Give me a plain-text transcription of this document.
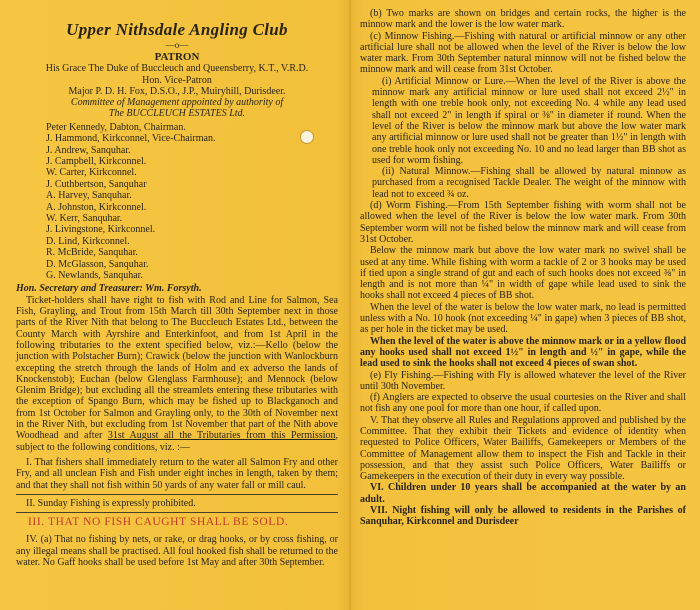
Upper Nithsdale Angling Club
—o—
PATRON
His Grace The Duke of Buccleuch and Queensberry, K.T., V.R.D.
Hon. Vice-Patron
Major P. D. H. Fox, D.S.O., J.P., Muiryhill, Durisdeer.
Committee of Management appointed by authority of
The BUCCLEUCH ESTATES Ltd.
Peter Kennedy, Dabton, Chairman.
J. Hammond, Kirkconnel, Vice-Chairman.
J. Andrew, Sanquhar.
J. Campbell, Kirkconnel.
W. Carter, Kirkconnel.
J. Cuthbertson, Sanquhar
A. Harvey, Sanquhar.
A. Johnston, Kirkconnel.
W. Kerr, Sanquhar.
J. Livingstone, Kirkconnel.
D. Lind, Kirkconnel.
R. McBride, Sanquhar.
D. McGlasson, Sanquhar.
G. Newlands, Sanquhar.
Hon. Secretary and Treasurer: Wm. Forsyth.

Ticket-holders shall have right to fish with Rod and Line for Salmon, Sea Fish, Grayling, and Trout from 15th March till 30th September next in those parts of the River Nith that belong to The Buccleuch Estates Ltd., between the County March with Ayrshire and Enterkinfoot, and from 1st April in the following tributaries to the extent specified below, viz.:—Kello (below the junction with Polstacher Burn); Crawick (below the junction with Wanlockburn excepting the stretch through the lands of Holm and ex adverso the lands of Knockenstob); Euchan (below Glenglass Farmhouse); and Mennock (below Glenim Bridge); but excluding all the streamlets entering these tributaries with the exception of Spango Burn, which may be fished up to Blackganoch and from 1st October for Salmon and Grayling only, to the 30th of November next in the River Nith, but excluding from 1st November that part of the Nith above Woodhead and after 31st August all the Tributaries from this Permission, subject to the following conditions, viz. :—

I. That fishers shall immediately return to the water all Salmon Fry and other Fry, and all unclean Fish and Fish under eight inches in length, taken by them; and that they shall not fish within 50 yards of any water fall or mill caul.

II. Sunday Fishing is expressly prohibited.

III. THAT NO FISH CAUGHT SHALL BE SOLD.

IV. (a) That no fishing by nets, or rake, or drag hooks, or by cross fishing, or any illegal means shall be practised. All foul hooked fish shall be returned to the water. No Gaff hooks shall be used before 1st May and after 30th September.

(b) Two marks are shown on bridges and certain rocks, the higher is the minnow mark and the lower is the low water mark.

(c) Minnow Fishing.—Fishing with natural or artificial minnow or any other artificial lure shall not be allowed when the level of the River is below the low water mark. From 30th September natural minnow will not be fished below the minnow mark and will cease from 31st October.

(i) Artificial Minnow or Lure.—When the level of the River is above the minnow mark any artificial minnow or lure used shall not exceed 2½" in length with one treble hook only, not exceeding No. 4 while any lead used shall not exceed 2" in length if spiral or ⅜" in diameter if round. When the level of the River is below the minnow mark but above the low water mark any artificial minnow or lure used shall not be greater than 1½" in length with one treble hook only not exceeding No. 10 and no lead larger than BB shot as used for worm fishing.

(ii) Natural Minnow.—Fishing shall be allowed by natural minnow as purchased from a recognised Tackle Dealer. The weight of the minnow with lead not to exceed ¾ oz.

(d) Worm Fishing.—From 15th September fishing with worm shall not be allowed when the level of the River is below the low water mark. From 30th September worm will not be fished below the minnow mark and will cease from 31st October.

Below the minnow mark but above the low water mark no swivel shall be used at any time. While fishing with worm a tackle of 2 or 3 hooks may be used if tied upon a single strand of gut and each of such hooks does not exceed ⅜" in length and is not more than ¼" in width of gape while lead used to sink the hooks shall not exceed 4 pieces of BB shot.

When the level of the water is below the low water mark, no lead is permitted unless with a No. 10 hook (not exceeding ¼" in gape) when 3 pieces of BB shot, as per hole in the ticket may be used.

When the level of the water is above the minnow mark or in a yellow flood any hooks used shall not exceed 1½" in length and ½" in gape, while the lead used to sink the hooks shall not exceed 4 pieces of swan shot.

(e) Fly Fishing.—Fishing with Fly is allowed whatever the level of the River until 30th November.

(f) Anglers are expected to observe the usual courtesies on the River and shall not fish any one pool for more than one hour, if called upon.

V. That they observe all Rules and Regulations approved and published by the Committee. That they exhibit their Tickets and evidence of identity when requested to Police Officers, Water Bailiffs, Gamekeepers or Members of the Committee of Management allow them to inspect the Fish and Tackle in their possession, and that they assist such Police Officers, Water Bailiffs or Gamekeepers in the execution of their duty in every way possible.

VI. Children under 10 years shall be accompanied at the water by an adult.

VII. Night fishing will only be allowed to residents in the Parishes of Sanquhar, Kirkconnel and Durisdeer
